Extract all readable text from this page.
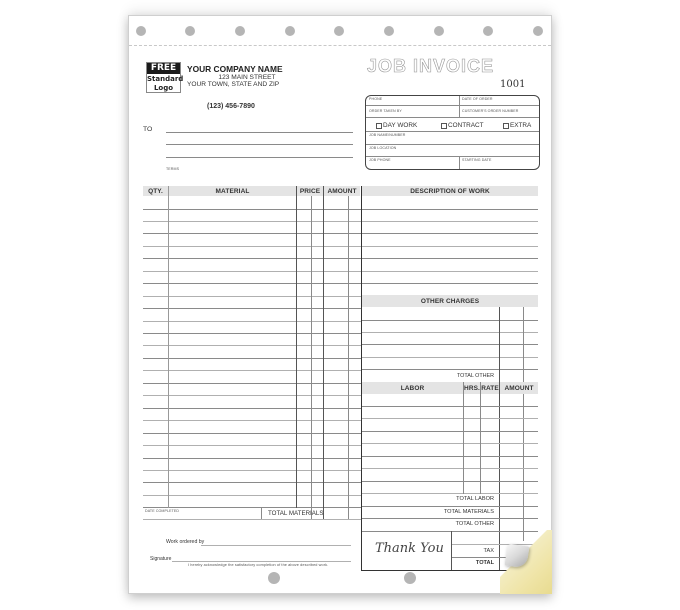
FREE
Standard
Logo
YOUR COMPANY NAME
123 MAIN STREET
YOUR TOWN, STATE AND ZIP
(123) 456-7890
TO
TERMS
JOB INVOICE
1001
PHONE	DATE OF ORDER
ORDER TAKEN BY	CUSTOMER'S ORDER NUMBER
DAY WORK	CONTRACT	EXTRA
JOB NAME/NUMBER
JOB LOCATION
JOB PHONE	STARTING DATE
QTY.	MATERIAL	PRICE	AMOUNT
DATE COMPLETED	TOTAL MATERIALS
Work ordered by
Signature
I hereby acknowledge the satisfactory completion of the above described work.
DESCRIPTION OF WORK
OTHER CHARGES
TOTAL OTHER
LABOR	HRS. RATE AMOUNT
TOTAL LABOR
TOTAL MATERIALS
TOTAL OTHER
Thank You	TAX
TOTAL
